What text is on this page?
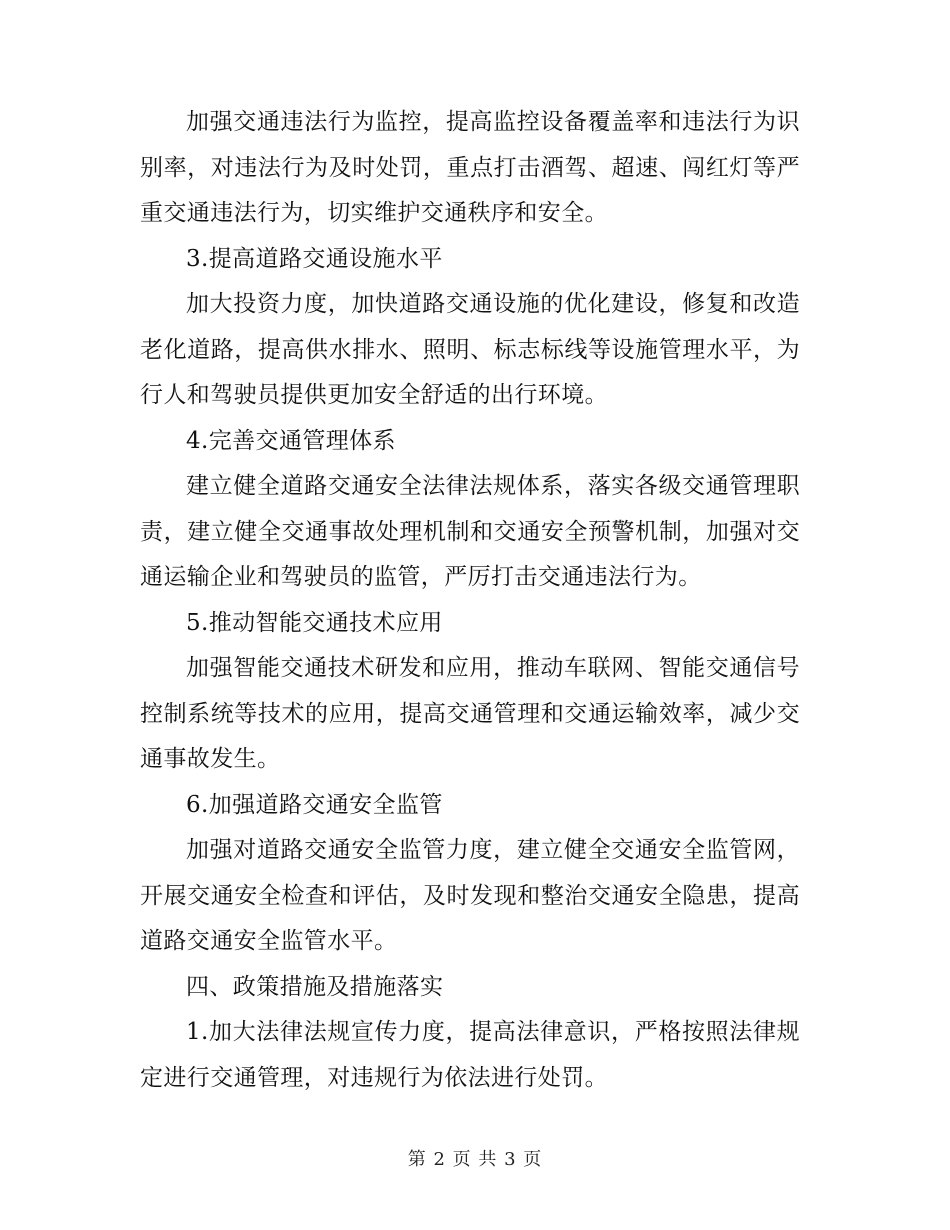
加强交通违法行为监控，提高监控设备覆盖率和违法行为识别率，对违法行为及时处罚，重点打击酒驾、超速、闯红灯等严重交通违法行为，切实维护交通秩序和安全。

3.提高道路交通设施水平

加大投资力度，加快道路交通设施的优化建设，修复和改造老化道路，提高供水排水、照明、标志标线等设施管理水平，为行人和驾驶员提供更加安全舒适的出行环境。

4.完善交通管理体系

建立健全道路交通安全法律法规体系，落实各级交通管理职责，建立健全交通事故处理机制和交通安全预警机制，加强对交通运输企业和驾驶员的监管，严厉打击交通违法行为。

5.推动智能交通技术应用

加强智能交通技术研发和应用，推动车联网、智能交通信号控制系统等技术的应用，提高交通管理和交通运输效率，减少交通事故发生。

6.加强道路交通安全监管

加强对道路交通安全监管力度，建立健全交通安全监管网，开展交通安全检查和评估，及时发现和整治交通安全隐患，提高道路交通安全监管水平。

四、政策措施及措施落实

1.加大法律法规宣传力度，提高法律意识，严格按照法律规定进行交通管理，对违规行为依法进行处罚。

第 2 页 共 3 页
